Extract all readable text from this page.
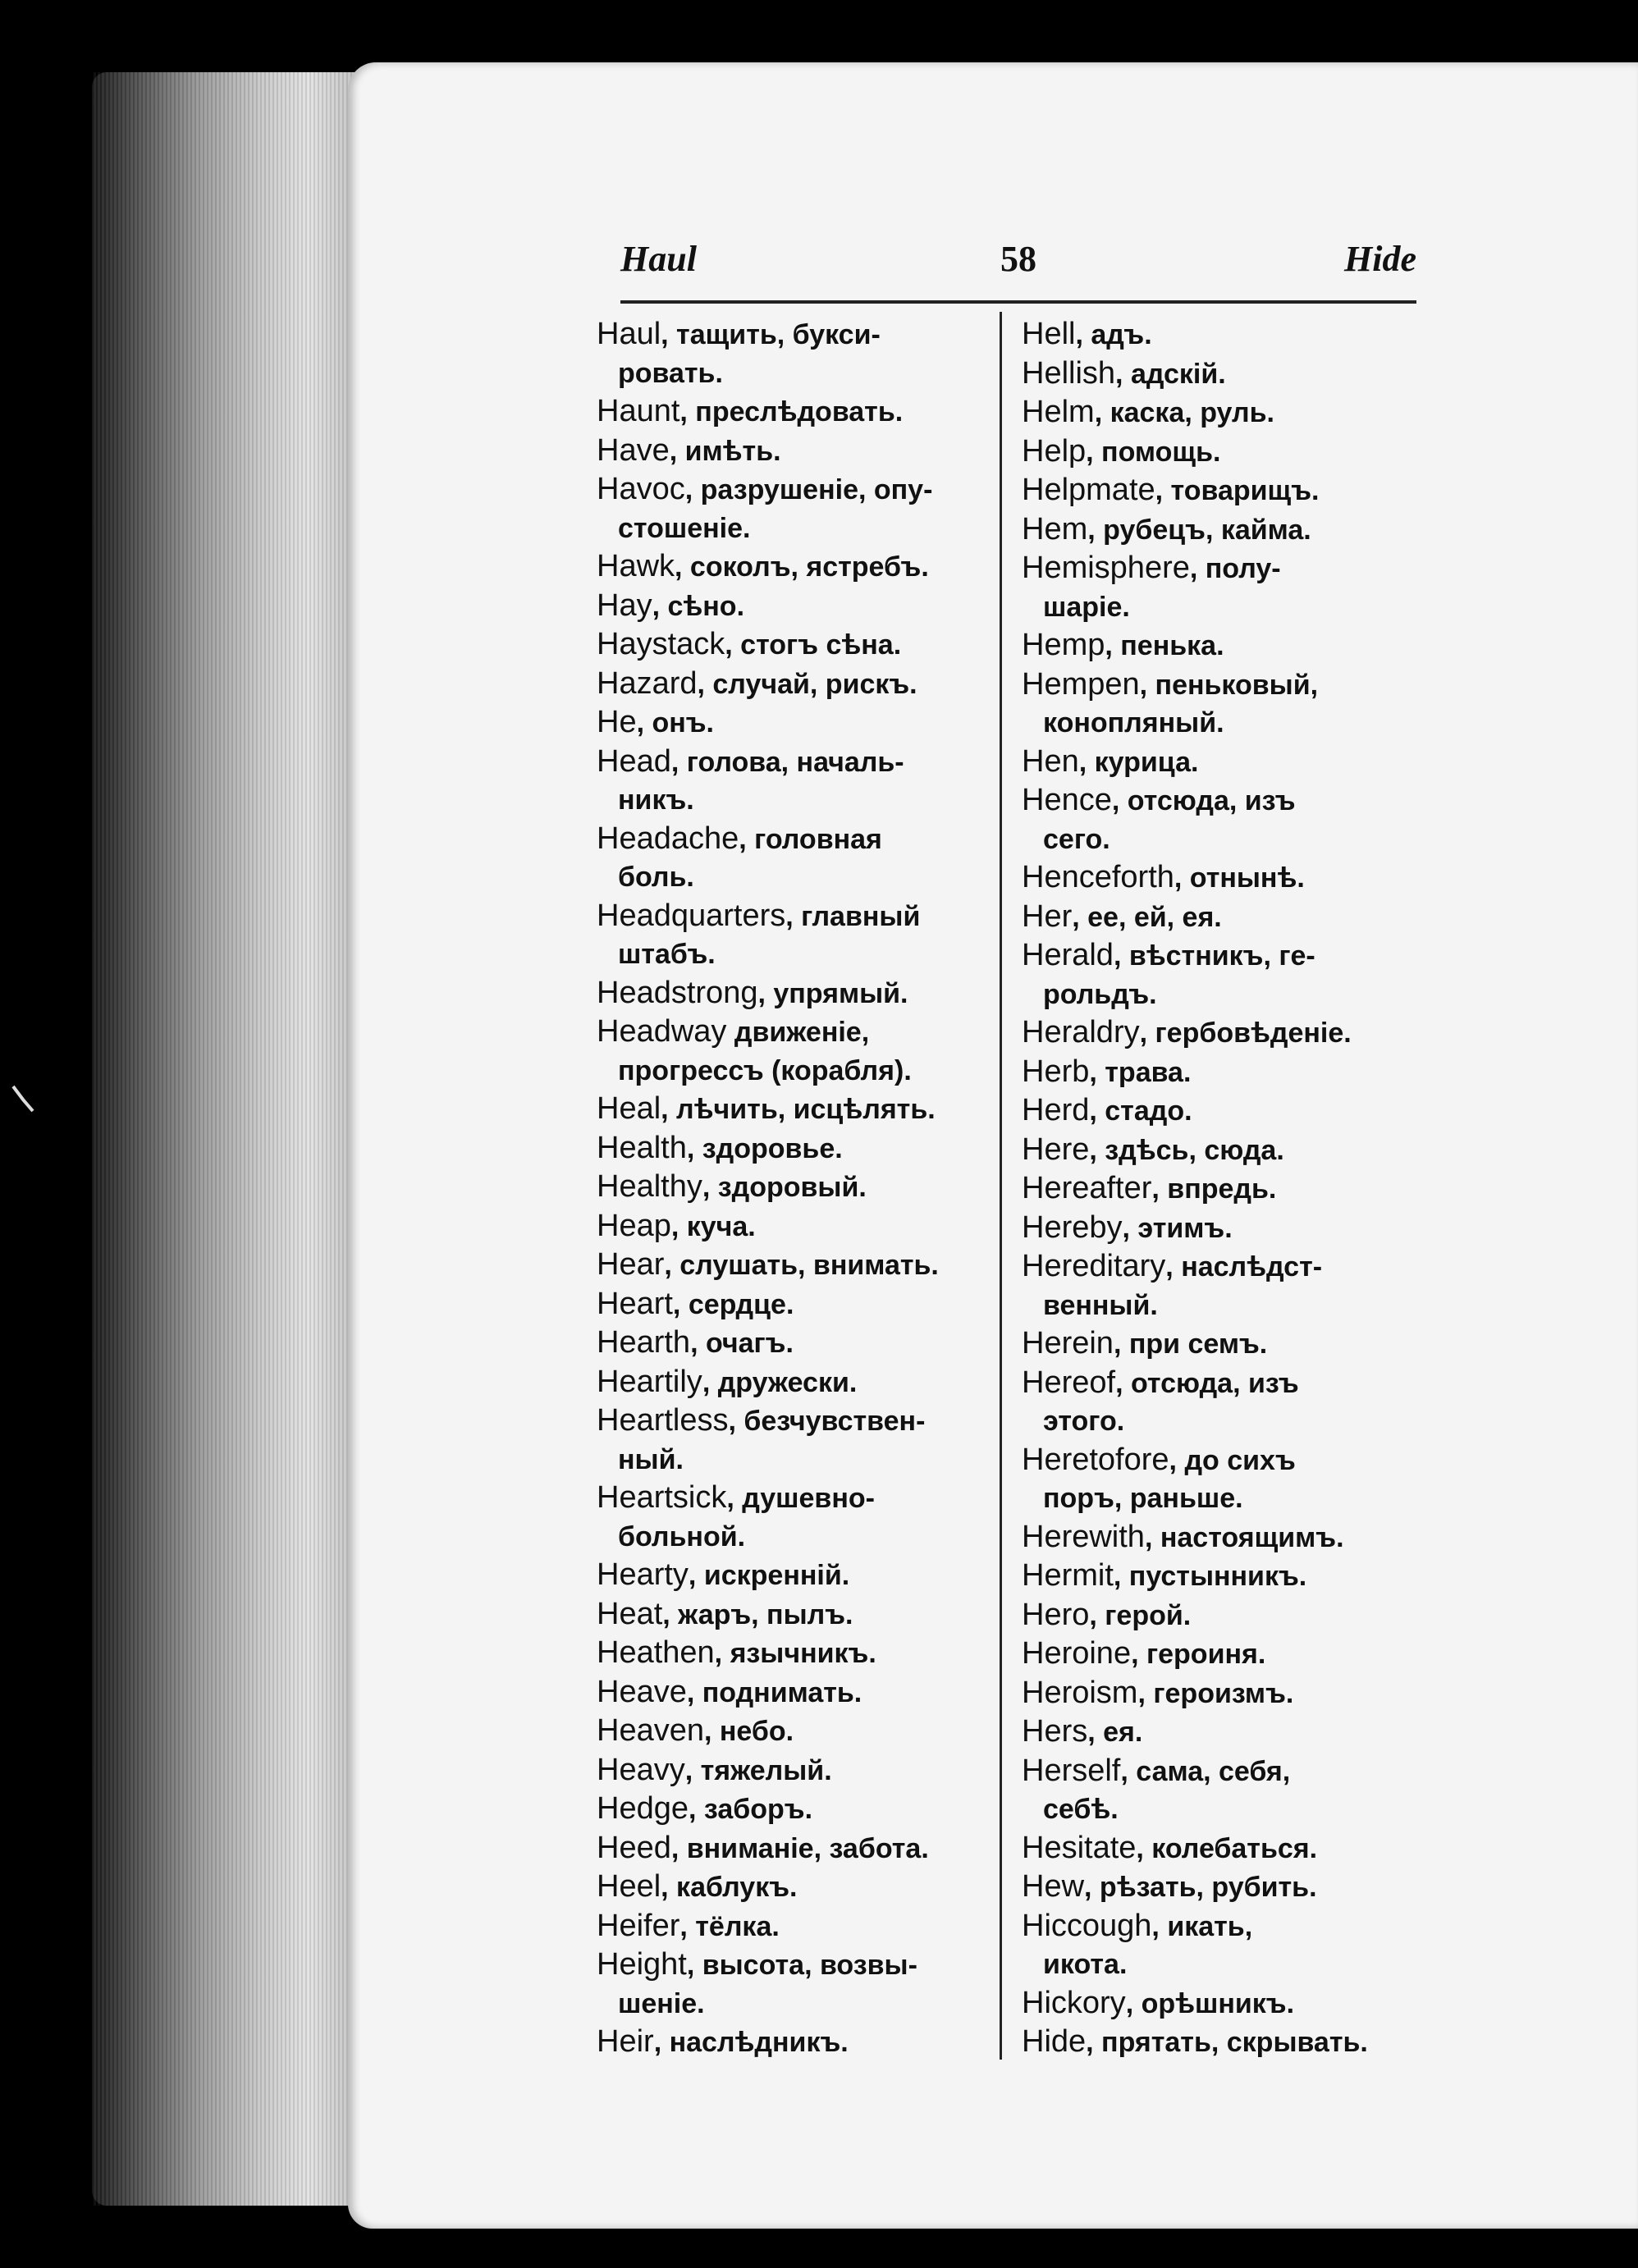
Haul	58	Hide

Haul, тащить, букси-

ровать.

Haunt, преслѣдовать.

Have, имѣть.

Havoc, разрушеніе, опу-

стошеніе.

Hawk, соколъ, ястребъ.

Hay, сѣно.

Haystack, стогъ сѣна.

Hazard, случай, рискъ.

He, онъ.

Head, голова, началь-

никъ.

Headache, головная

боль.

Headquarters, главный

штабъ.

Headstrong, упрямый.

Headway движеніе,

прогрессъ (корабля).

Heal, лѣчить, исцѣлять.

Health, здоровье.

Healthy, здоровый.

Heap, куча.

Hear, слушать, внимать.

Heart, сердце.

Hearth, очагъ.

Heartily, дружески.

Heartless, безчувствен-

ный.

Heartsick, душевно-

больной.

Hearty, искренній.

Heat, жаръ, пылъ.

Heathen, язычникъ.

Heave, поднимать.

Heaven, небо.

Heavy, тяжелый.

Hedge, заборъ.

Heed, вниманіе, забота.

Heel, каблукъ.

Heifer, тёлка.

Height, высота, возвы-

шеніе.

Heir, наслѣдникъ.

Hell, адъ.

Hellish, адскій.

Helm, каска, руль.

Help, помощь.

Helpmate, товарищъ.

Hem, рубецъ, кайма.

Hemisphere, полу-

шаріе.

Hemp, пенька.

Hempen, пеньковый,

конопляный.

Hen, курица.

Hence, отсюда, изъ

сего.

Henceforth, отнынѣ.

Her, ее, ей, ея.

Herald, вѣстникъ, ге-

рольдъ.

Heraldry, гербовѣденіе.

Herb, трава.

Herd, стадо.

Here, здѣсь, сюда.

Hereafter, впредь.

Hereby, этимъ.

Hereditary, наслѣдст-

венный.

Herein, при семъ.

Hereof, отсюда, изъ

этого.

Heretofore, до сихъ

поръ, раньше.

Herewith, настоящимъ.

Hermit, пустынникъ.

Hero, герой.

Heroine, героиня.

Heroism, героизмъ.

Hers, ея.

Herself, сама, себя,

себѣ.

Hesitate, колебаться.

Hew, рѣзать, рубить.

Hiccough, икать,

икота.

Hickory, орѣшникъ.

Hide, прятать, скрывать.
